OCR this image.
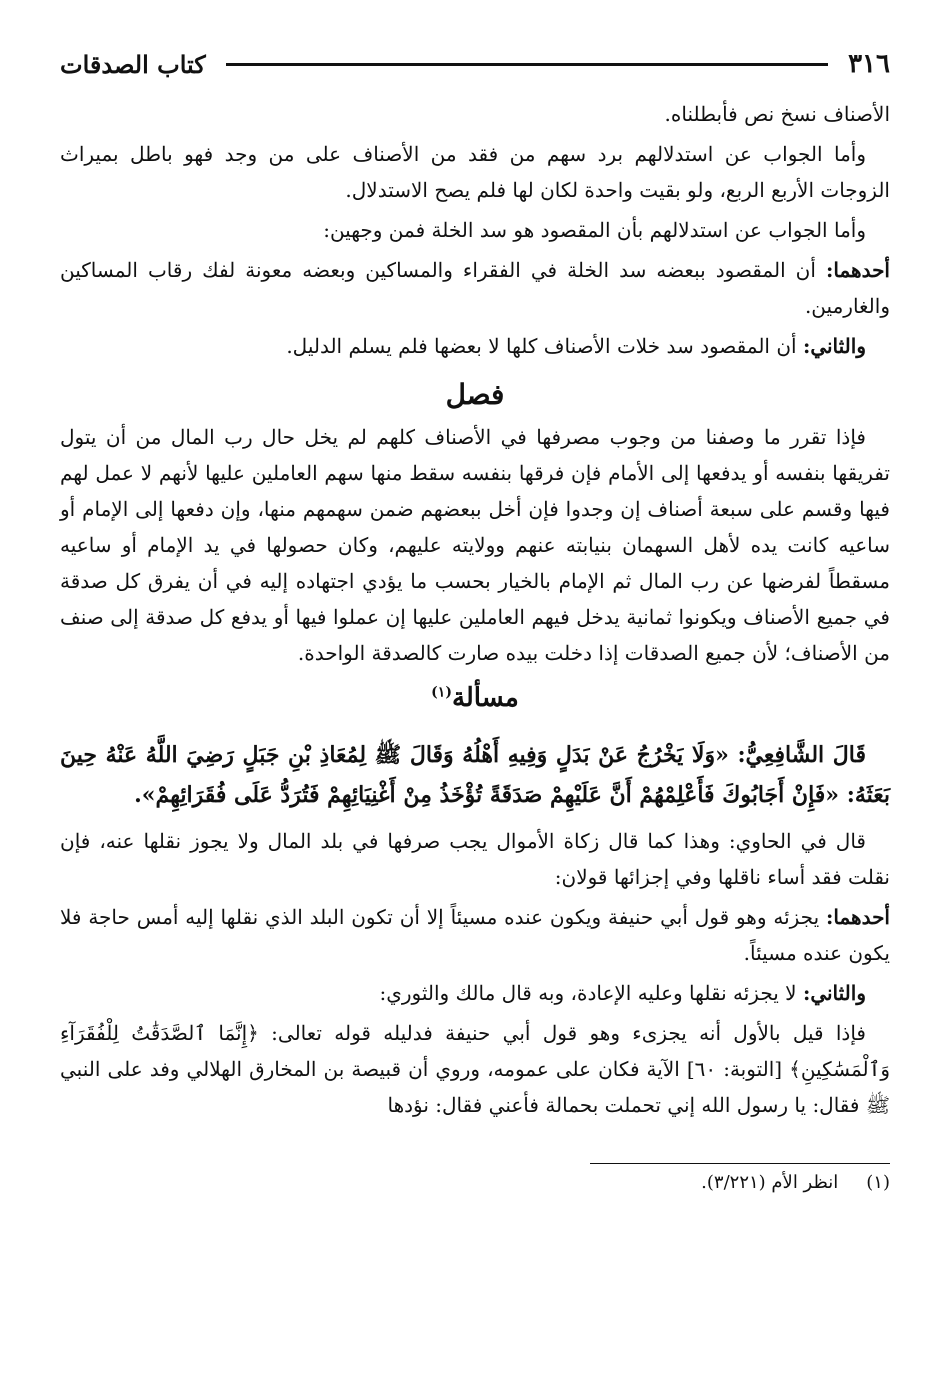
٣١٦
كتاب الصدقات

الأصناف نسخ نص فأبطلناه.

وأما الجواب عن استدلالهم برد سهم من فقد من الأصناف على من وجد فهو باطل بميراث الزوجات الأربع الربع، ولو بقيت واحدة لكان لها فلم يصح الاستدلال.

وأما الجواب عن استدلالهم بأن المقصود هو سد الخلة فمن وجهين:

أحدهما: أن المقصود ببعضه سد الخلة في الفقراء والمساكين وبعضه معونة لفك رقاب المساكين والغارمين.

والثاني: أن المقصود سد خلات الأصناف كلها لا بعضها فلم يسلم الدليل.

فصل

فإذا تقرر ما وصفنا من وجوب مصرفها في الأصناف كلهم لم يخل حال رب المال من أن يتول تفريقها بنفسه أو يدفعها إلى الأمام فإن فرقها بنفسه سقط منها سهم العاملين عليها لأنهم لا عمل لهم فيها وقسم على سبعة أصناف إن وجدوا فإن أخل ببعضهم ضمن سهمهم منها، وإن دفعها إلى الإمام أو ساعيه كانت يده لأهل السهمان بنيابته عنهم وولايته عليهم، وكان حصولها في يد الإمام أو ساعيه مسقطاً لفرضها عن رب المال ثم الإمام بالخيار بحسب ما يؤدي اجتهاده إليه في أن يفرق كل صدقة في جميع الأصناف ويكونوا ثمانية يدخل فيهم العاملين عليها إن عملوا فيها أو يدفع كل صدقة إلى صنف من الأصناف؛ لأن جميع الصدقات إذا دخلت بيده صارت كالصدقة الواحدة.

مسألة$^{(١)}$

قَالَ الشَّافِعِيُّ: «وَلَا يَخْرُجُ عَنْ بَدَلٍ وَفِيهِ أَهْلُهُ وَقَالَ ﷺ لِمُعَاذِ بْنِ جَبَلٍ رَضِيَ اللَّهُ عَنْهُ حِينَ بَعَثَهُ: «فَإِنْ أَجَابُوكَ فَأَعْلِمْهُمْ أَنَّ عَلَيْهِمْ صَدَقَةً تُؤْخَذُ مِنْ أَغْنِيَائِهِمْ فَتُرَدُّ عَلَى فُقَرَائِهِمْ».

قال في الحاوي: وهذا كما قال زكاة الأموال يجب صرفها في بلد المال ولا يجوز نقلها عنه، فإن نقلت فقد أساء ناقلها وفي إجزائها قولان:

أحدهما: يجزئه وهو قول أبي حنيفة ويكون عنده مسيئاً إلا أن تكون البلد الذي نقلها إليه أمس حاجة فلا يكون عنده مسيئاً.

والثاني: لا يجزئه نقلها وعليه الإعادة، وبه قال مالك والثوري:

فإذا قيل بالأول أنه يجزىء وهو قول أبي حنيفة فدليله قوله تعالى: ﴿إِنَّمَا ٱلصَّدَقَٰتُ لِلْفُقَرَآءِ وَٱلْمَسَٰكِينِ﴾ [التوبة: ٦٠] الآية فكان على عمومه، وروي أن قبيصة بن المخارق الهلالي وفد على النبي ﷺ فقال: يا رسول الله إني تحملت بحمالة فأعني فقال: نؤدها

(١)
انظر الأم (٣/٢٢١).
